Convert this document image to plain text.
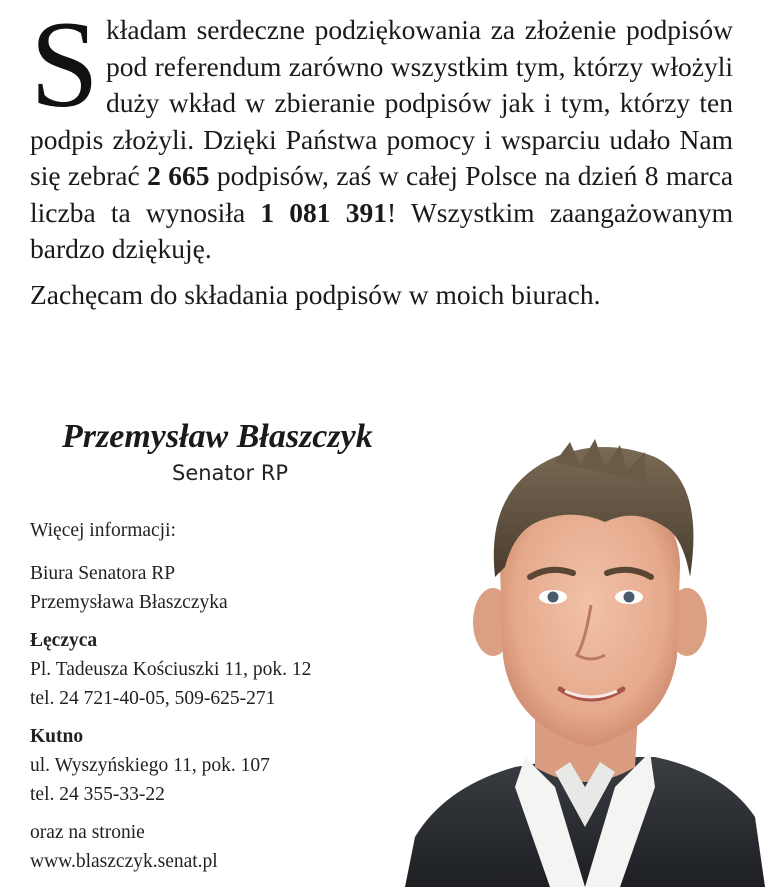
S kładam serdeczne podziękowania za złożenie podpisów pod referendum zarówno wszystkim tym, którzy włożyli duży wkład w zbieranie podpisów jak i tym, którzy ten podpis złożyli. Dzięki Państwa pomocy i wsparciu udało Nam się zebrać 2 665 podpisów, zaś w całej Polsce na dzień 8 marca liczba ta wynosiła 1 081 391! Wszystkim zaangażowanym bardzo dziękuję.

Zachęcam do składania podpisów w moich biurach.

Przemysław Błaszczyk
Senator RP
Więcej informacji:
Biura Senatora RP
Przemysława Błaszczyka
Łęczyca
Pl. Tadeusza Kościuszki 11, pok. 12
tel. 24 721-40-05, 509-625-271
Kutno
ul. Wyszyńskiego 11, pok. 107
tel. 24 355-33-22
oraz na stronie
www.blaszczyk.senat.pl
